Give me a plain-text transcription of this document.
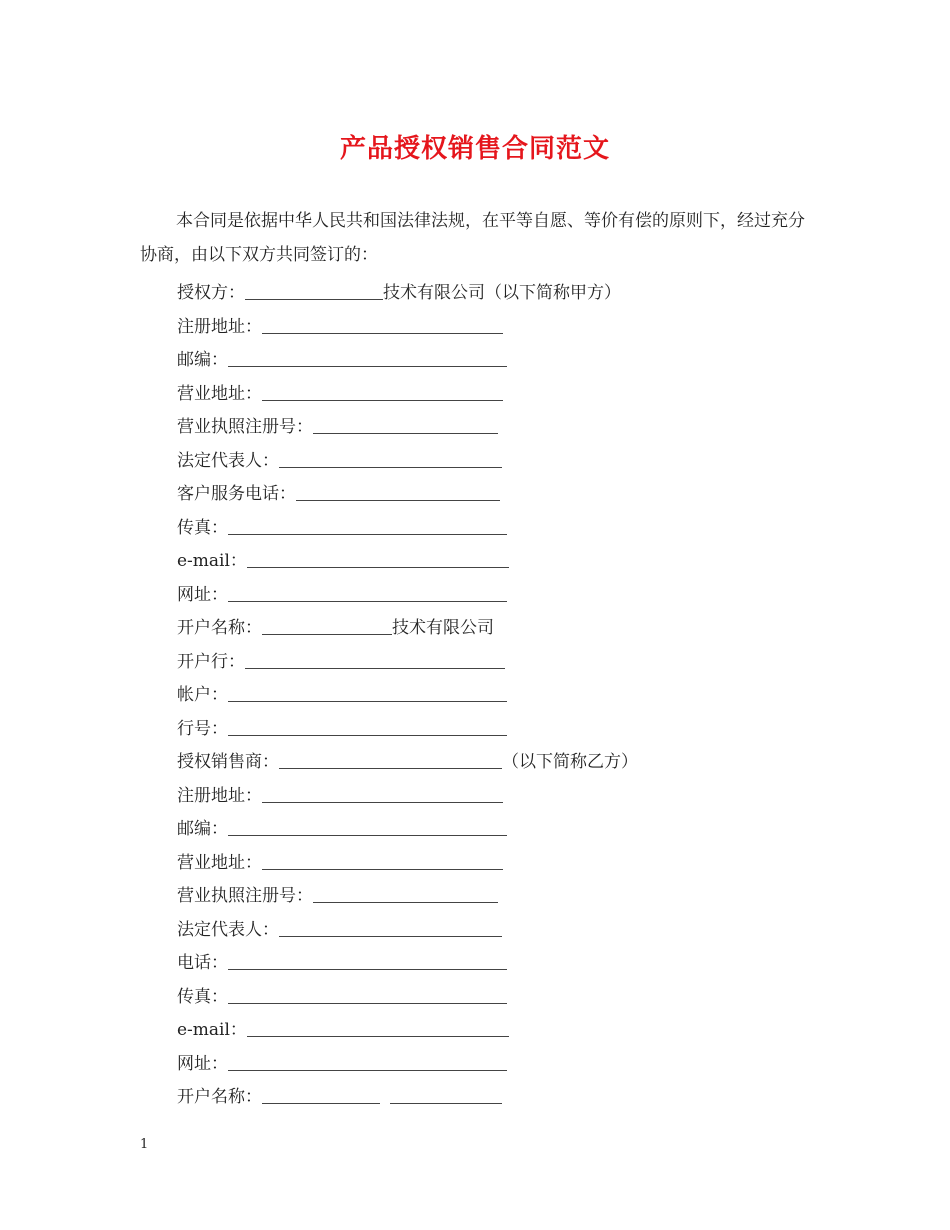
产品授权销售合同范文

本合同是依据中华人民共和国法律法规，在平等自愿、等价有偿的原则下，经过充分协商，由以下双方共同签订的：

授权方：	技术有限公司（以下简称甲方）
注册地址：
邮编：
营业地址：
营业执照注册号：
法定代表人：
客户服务电话：
传真：
e-mail：
网址：
开户名称：	技术有限公司
开户行：
帐户：
行号：
授权销售商：	（以下简称乙方）
注册地址：
邮编：
营业地址：
营业执照注册号：
法定代表人：
电话：
传真：
e-mail：
网址：
开户名称：
1
